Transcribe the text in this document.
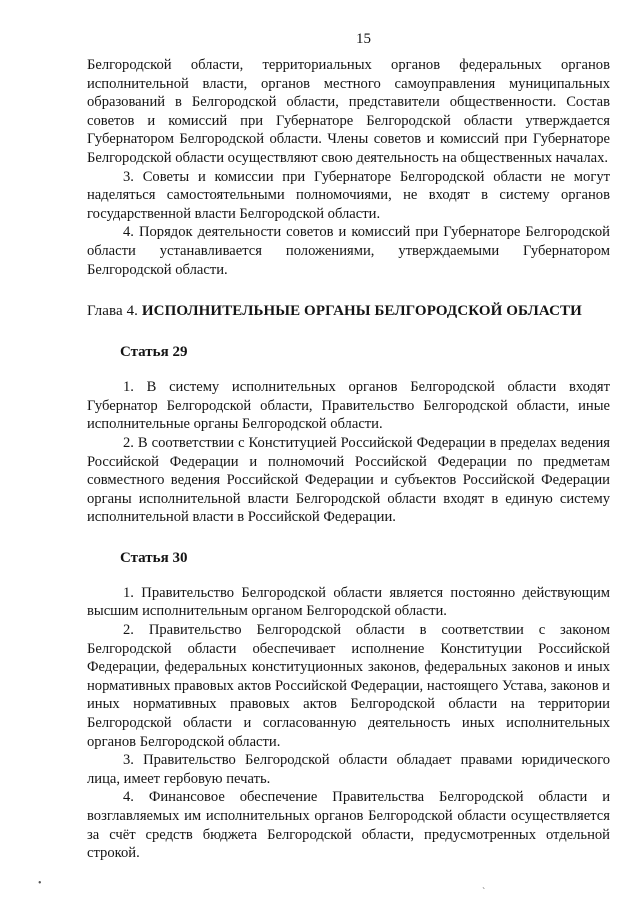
15

Белгородской области, территориальных органов федеральных органов исполнительной власти, органов местного самоуправления муниципальных образований в Белгородской области, представители общественности. Состав советов и комиссий при Губернаторе Белгородской области утверждается Губернатором Белгородской области. Члены советов и комиссий при Губернаторе Белгородской области осуществляют свою деятельность на общественных началах.

3. Советы и комиссии при Губернаторе Белгородской области не могут наделяться самостоятельными полномочиями, не входят в систему органов государственной власти Белгородской области.

4. Порядок деятельности советов и комиссий при Губернаторе Белгородской области устанавливается положениями, утверждаемыми Губернатором Белгородской области.

Глава 4. ИСПОЛНИТЕЛЬНЫЕ ОРГАНЫ БЕЛГОРОДСКОЙ ОБЛАСТИ
Статья 29

1. В систему исполнительных органов Белгородской области входят Губернатор Белгородской области, Правительство Белгородской области, иные исполнительные органы Белгородской области.

2. В соответствии с Конституцией Российской Федерации в пределах ведения Российской Федерации и полномочий Российской Федерации по предметам совместного ведения Российской Федерации и субъектов Российской Федерации органы исполнительной власти Белгородской области входят в единую систему исполнительной власти в Российской Федерации.

Статья 30

1. Правительство Белгородской области является постоянно действующим высшим исполнительным органом Белгородской области.

2. Правительство Белгородской области в соответствии с законом Белгородской области обеспечивает исполнение Конституции Российской Федерации, федеральных конституционных законов, федеральных законов и иных нормативных правовых актов Российской Федерации, настоящего Устава, законов и иных нормативных правовых актов Белгородской области на территории Белгородской области и согласованную деятельность иных исполнительных органов Белгородской области.

3. Правительство Белгородской области обладает правами юридического лица, имеет гербовую печать.

4. Финансовое обеспечение Правительства Белгородской области и возглавляемых им исполнительных органов Белгородской области осуществляется за счёт средств бюджета Белгородской области, предусмотренных отдельной строкой.

•
ˋ
